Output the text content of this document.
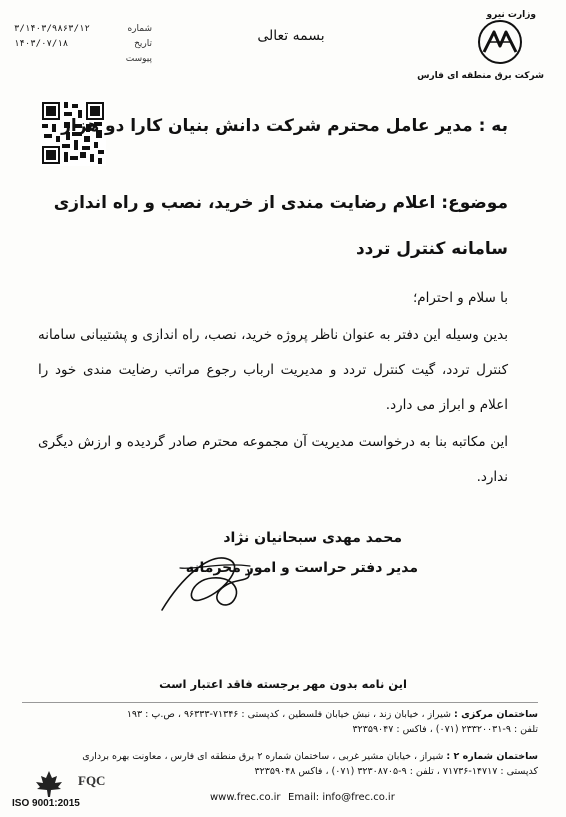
وزارت نیرو
شرکت برق منطقه ای فارس
بسمه تعالی
شماره
۳/۱۴۰۳/۹۸۶۳/۱۲
تاریخ
۱۴۰۳/۰۷/۱۸
پیوست
به : مدیر عامل محترم شرکت دانش بنیان کارا دو هزار
موضوع: اعلام رضایت مندی از خرید، نصب و راه اندازی سامانه کنترل تردد
با سلام و احترام؛
بدین وسیله این دفتر به عنوان ناظر پروژه خرید، نصب، راه اندازی و پشتیبانی سامانه کنترل تردد، گیت کنترل تردد و مدیریت ارباب رجوع مراتب رضایت مندی خود را اعلام و ابراز می دارد.
این مکاتبه بنا به درخواست مدیریت آن مجموعه محترم صادر گردیده و ارزش دیگری ندارد.
محمد مهدی سبحانیان نژاد
مدیر دفتر حراست و امور محرمانه
این نامه بدون مهر برجسته فاقد اعتبار است
ساختمان مرکزی : شیراز ، خیابان زند ، نبش خیابان فلسطین ، کدپستی : ۷۱۳۴۶-۹۶۳۳۳ ، ص.پ : ۱۹۳
تلفن : ۹-۲۳۳۲۰۰۳۱ (۰۷۱) ، فاکس : ۳۲۳۵۹۰۴۷
ساختمان شماره ۲ : شیراز ، خیابان مشیر غربی ، ساختمان شماره ۲ برق منطقه ای فارس ، معاونت بهره برداری
کدپستی : ۱۴۷۱۷-۷۱۷۳۶ ، تلفن : ۹-۳۲۳۰۸۷۰۵ (۰۷۱) ، فاکس ۳۲۳۵۹۰۴۸
www.frec.co.ir Email: info@frec.co.ir
FQC
ISO 9001:2015
